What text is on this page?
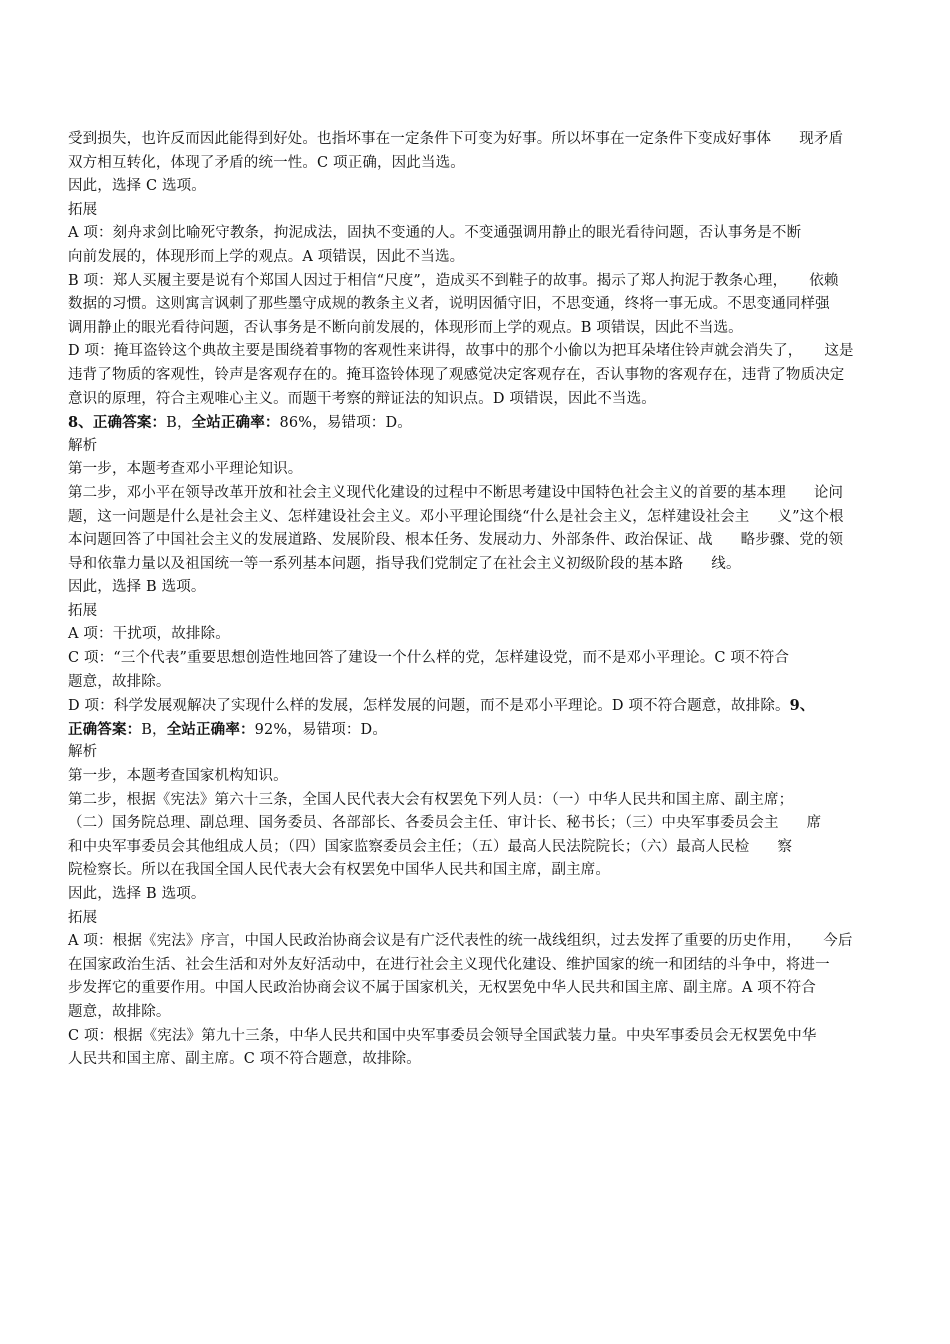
受到损失，也许反而因此能得到好处。也指坏事在一定条件下可变为好事。所以坏事在一定条件下变成好事体 现矛盾
双方相互转化，体现了矛盾的统一性。C 项正确，因此当选。
因此，选择 C 选项。
拓展
A 项：刻舟求剑比喻死守教条，拘泥成法，固执不变通的人。不变通强调用静止的眼光看待问题，否认事务是不断
向前发展的，体现形而上学的观点。A 项错误，因此不当选。
B 项：郑人买履主要是说有个郑国人因过于相信“尺度”，造成买不到鞋子的故事。揭示了郑人拘泥于教条心理， 依赖
数据的习惯。这则寓言讽刺了那些墨守成规的教条主义者，说明因循守旧，不思变通，终将一事无成。不思变通同样强
调用静止的眼光看待问题，否认事务是不断向前发展的，体现形而上学的观点。B 项错误，因此不当选。
D 项：掩耳盗铃这个典故主要是围绕着事物的客观性来讲得，故事中的那个小偷以为把耳朵堵住铃声就会消失了， 这是
违背了物质的客观性，铃声是客观存在的。掩耳盗铃体现了观感觉决定客观存在，否认事物的客观存在，违背了物质决定
意识的原理，符合主观唯心主义。而题干考察的辩证法的知识点。D 项错误，因此不当选。
8、正确答案：B，全站正确率：86%，易错项：D。
解析
第一步，本题考查邓小平理论知识。
第二步，邓小平在领导改革开放和社会主义现代化建设的过程中不断思考建设中国特色社会主义的首要的基本理 论问
题，这一问题是什么是社会主义、怎样建设社会主义。邓小平理论围绕“什么是社会主义，怎样建设社会主 义”这个根
本问题回答了中国社会主义的发展道路、发展阶段、根本任务、发展动力、外部条件、政治保证、战 略步骤、党的领
导和依靠力量以及祖国统一等一系列基本问题，指导我们党制定了在社会主义初级阶段的基本路 线。
因此，选择 B 选项。
拓展
A 项：干扰项，故排除。
C 项：“三个代表”重要思想创造性地回答了建设一个什么样的党，怎样建设党，而不是邓小平理论。C 项不符合
题意，故排除。
D 项：科学发展观解决了实现什么样的发展，怎样发展的问题，而不是邓小平理论。D 项不符合题意，故排除。9、
正确答案：B，全站正确率：92%，易错项：D。
解析
第一步，本题考查国家机构知识。
第二步，根据《宪法》第六十三条，全国人民代表大会有权罢免下列人员：（一）中华人民共和国主席、副主席；
（二）国务院总理、副总理、国务委员、各部部长、各委员会主任、审计长、秘书长；（三）中央军事委员会主 席
和中央军事委员会其他组成人员；（四）国家监察委员会主任；（五）最高人民法院院长；（六）最高人民检 察
院检察长。所以在我国全国人民代表大会有权罢免中国华人民共和国主席，副主席。
因此，选择 B 选项。
拓展
A 项：根据《宪法》序言，中国人民政治协商会议是有广泛代表性的统一战线组织，过去发挥了重要的历史作用， 今后
在国家政治生活、社会生活和对外友好活动中，在进行社会主义现代化建设、维护国家的统一和团结的斗争中，将进一
步发挥它的重要作用。中国人民政治协商会议不属于国家机关，无权罢免中华人民共和国主席、副主席。A 项不符合
题意，故排除。
C 项：根据《宪法》第九十三条，中华人民共和国中央军事委员会领导全国武装力量。中央军事委员会无权罢免中华
人民共和国主席、副主席。C 项不符合题意，故排除。
